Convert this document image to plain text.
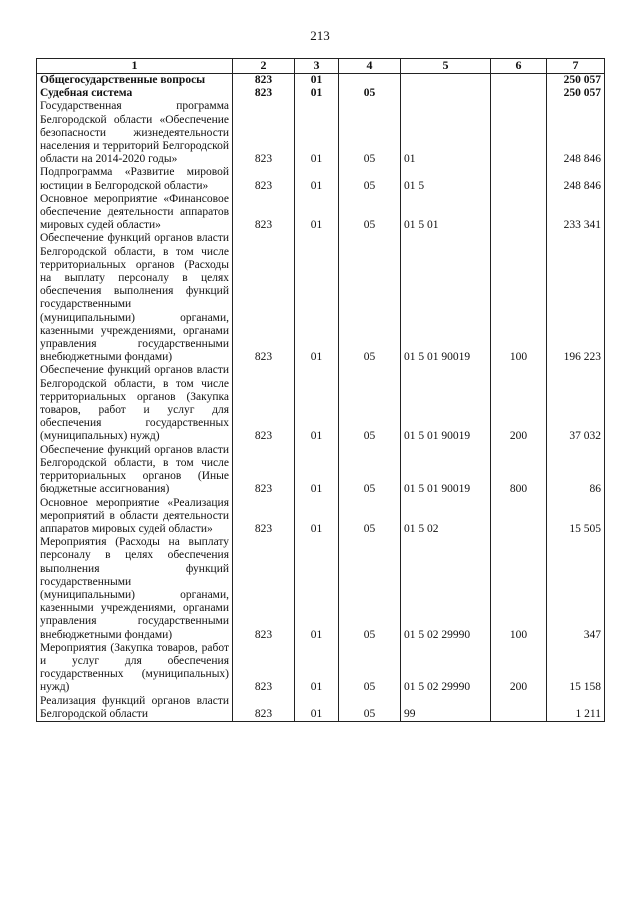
213
1	2	3	4	5	6	7
Общегосударственные вопросы	823	01				250 057
Судебная система	823	01	05			250 057
Государственная программа Белгородской области «Обеспечение безопасности жизнедеятельности населения и территорий Белгородской области на 2014-2020 годы»	823	01	05	01		248 846
Подпрограмма «Развитие мировой юстиции в Белгородской области»	823	01	05	01 5		248 846
Основное мероприятие «Финансовое обеспечение деятельности аппаратов мировых судей области»	823	01	05	01 5 01		233 341
Обеспечение функций органов власти Белгородской области, в том числе территориальных органов (Расходы на выплату персоналу в целях обеспечения выполнения функций государственными (муниципальными) органами, казенными учреждениями, органами управления государственными внебюджетными фондами)	823	01	05	01 5 01 90019	100	196 223
Обеспечение функций органов власти Белгородской области, в том числе территориальных органов (Закупка товаров, работ и услуг для обеспечения государственных (муниципальных) нужд)	823	01	05	01 5 01 90019	200	37 032
Обеспечение функций органов власти Белгородской области, в том числе территориальных органов (Иные бюджетные ассигнования)	823	01	05	01 5 01 90019	800	86
Основное мероприятие «Реализация мероприятий в области деятельности аппаратов мировых судей области»	823	01	05	01 5 02		15 505
Мероприятия (Расходы на выплату персоналу в целях обеспечения выполнения функций государственными (муниципальными) органами, казенными учреждениями, органами управления государственными внебюджетными фондами)	823	01	05	01 5 02 29990	100	347
Мероприятия (Закупка товаров, работ и услуг для обеспечения государственных (муниципальных) нужд)	823	01	05	01 5 02 29990	200	15 158
Реализация функций органов власти Белгородской области	823	01	05	99		1 211
